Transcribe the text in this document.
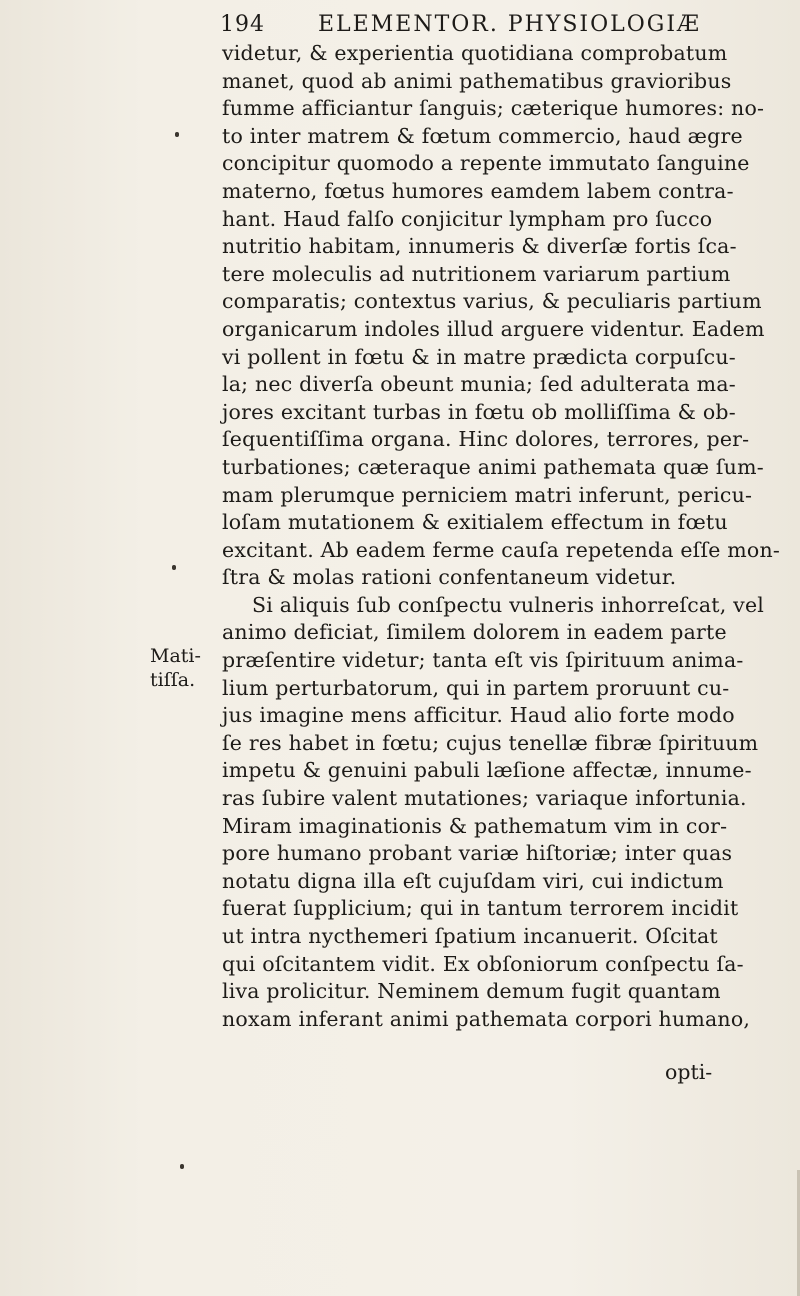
194 ELEMENTOR. PHYSIOLOGIÆ
Mati-
tiſſa.
videtur, & experientia quotidiana comprobatum
manet, quod ab animi pathematibus gravioribus
fumme afficiantur ſanguis; cæterique humores: no-
to inter matrem & fœtum commercio, haud ægre
concipitur quomodo a repente immutato ſanguine
materno, fœtus humores eamdem labem contra-
hant. Haud falſo conjicitur lympham pro ſucco
nutritio habitam, innumeris & diverſæ fortis ſca-
tere moleculis ad nutritionem variarum partium
comparatis; contextus varius, & peculiaris partium
organicarum indoles illud arguere videntur. Eadem
vi pollent in fœtu & in matre prædicta corpuſcu-
la; nec diverſa obeunt munia; ſed adulterata ma-
jores excitant turbas in fœtu ob molliſſima & ob-
ſequentiſſima organa. Hinc dolores, terrores, per-
turbationes; cæteraque animi pathemata quæ ſum-
mam plerumque perniciem matri inferunt, pericu-
loſam mutationem & exitialem effectum in fœtu
excitant. Ab eadem ferme cauſa repetenda eſſe mon-
ſtra & molas rationi confentaneum videtur.
Si aliquis ſub conſpectu vulneris inhorreſcat, vel
animo deficiat, ſimilem dolorem in eadem parte
præſentire videtur; tanta eſt vis ſpirituum anima-
lium perturbatorum, qui in partem proruunt cu-
jus imagine mens afficitur. Haud alio forte modo
ſe res habet in fœtu; cujus tenellæ fibræ ſpirituum
impetu & genuini pabuli læſione affectæ, innume-
ras ſubire valent mutationes; variaque infortunia.
Miram imaginationis & pathematum vim in cor-
pore humano probant variæ hiſtoriæ; inter quas
notatu digna illa eſt cujuſdam viri, cui indictum
fuerat ſupplicium; qui in tantum terrorem incidit
ut intra nycthemeri ſpatium incanuerit. Oſcitat
qui oſcitantem vidit. Ex obſoniorum conſpectu ſa-
liva prolicitur. Neminem demum fugit quantam
noxam inferant animi pathemata corpori humano,
opti-
